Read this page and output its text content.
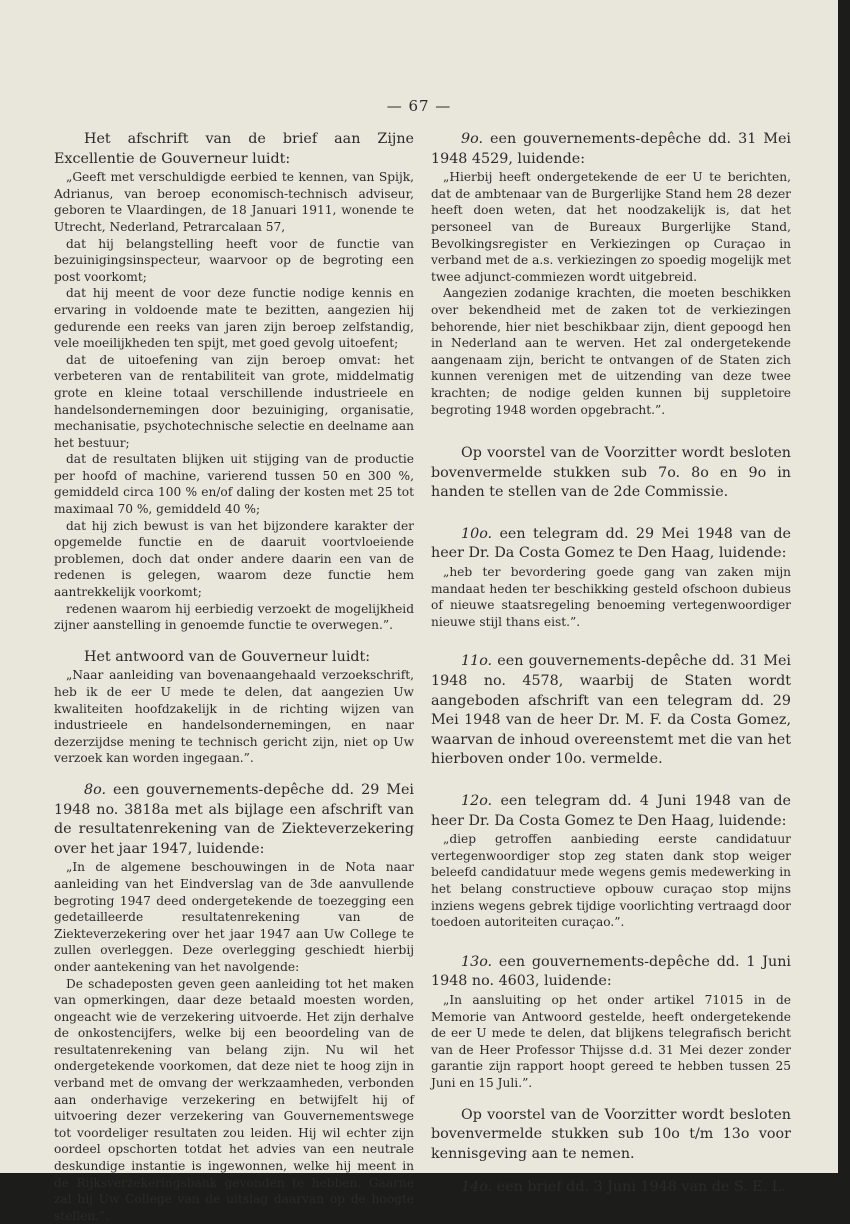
— 67 —

Het afschrift van de brief aan Zijne Excellentie de Gouverneur luidt:

„Geeft met verschuldigde eerbied te kennen, van Spijk, Adrianus, van beroep economisch-technisch adviseur, geboren te Vlaardingen, de 18 Januari 1911, wonende te Utrecht, Nederland, Petrarcalaan 57,

dat hij belangstelling heeft voor de functie van bezuinigingsinspecteur, waarvoor op de begroting een post voorkomt;

dat hij meent de voor deze functie nodige kennis en ervaring in voldoende mate te bezitten, aangezien hij gedurende een reeks van jaren zijn beroep zelfstandig, vele moeilijkheden ten spijt, met goed gevolg uitoefent;

dat de uitoefening van zijn beroep omvat: het verbeteren van de rentabiliteit van grote, middelmatig grote en kleine totaal verschillende industrieele en handelsondernemingen door bezuiniging, organisatie, mechanisatie, psychotechnische selectie en deelname aan het bestuur;

dat de resultaten blijken uit stijging van de productie per hoofd of machine, varierend tussen 50 en 300 %, gemiddeld circa 100 % en/of daling der kosten met 25 tot maximaal 70 %, gemiddeld 40 %;

dat hij zich bewust is van het bijzondere karakter der opgemelde functie en de daaruit voortvloeiende problemen, doch dat onder andere daarin een van de redenen is gelegen, waarom deze functie hem aantrekkelijk voorkomt;

redenen waarom hij eerbiedig verzoekt de mogelijkheid zijner aanstelling in genoemde functie te overwegen.”.

Het antwoord van de Gouverneur luidt:

„Naar aanleiding van bovenaangehaald verzoekschrift, heb ik de eer U mede te delen, dat aangezien Uw kwaliteiten hoofdzakelijk in de richting wijzen van industrieele en handelsondernemingen, en naar dezerzijdse mening te technisch gericht zijn, niet op Uw verzoek kan worden ingegaan.”.

8o. een gouvernements-depêche dd. 29 Mei 1948 no. 3818a met als bijlage een afschrift van de resultatenrekening van de Ziekteverzekering over het jaar 1947, luidende:

„In de algemene beschouwingen in de Nota naar aanleiding van het Eindverslag van de 3de aanvullende begroting 1947 deed ondergetekende de toezegging een gedetailleerde resultatenrekening van de Ziekteverzekering over het jaar 1947 aan Uw College te zullen overleggen. Deze overlegging geschiedt hierbij onder aantekening van het navolgende:

De schadeposten geven geen aanleiding tot het maken van opmerkingen, daar deze betaald moesten worden, ongeacht wie de verzekering uitvoerde. Het zijn derhalve de onkostencijfers, welke bij een beoordeling van de resultatenrekening van belang zijn. Nu wil het ondergetekende voorkomen, dat deze niet te hoog zijn in verband met de omvang der werkzaamheden, verbonden aan onderhavige verzekering en betwijfelt hij of uitvoering dezer verzekering van Gouvernementswege tot voordeliger resultaten zou leiden. Hij wil echter zijn oordeel opschorten totdat het advies van een neutrale deskundige instantie is ingewonnen, welke hij meent in de Rijksverzekeringsbank gevonden te hebben. Gaarne zal hij Uw College van de uitslag daarvan op de hoogte stellen.”.

9o. een gouvernements-depêche dd. 31 Mei 1948 4529, luidende:

„Hierbij heeft ondergetekende de eer U te berichten, dat de ambtenaar van de Burgerlijke Stand hem 28 dezer heeft doen weten, dat het noodzakelijk is, dat het personeel van de Bureaux Burgerlijke Stand, Bevolkingsregister en Verkiezingen op Curaçao in verband met de a.s. verkiezingen zo spoedig mogelijk met twee adjunct-commiezen wordt uitgebreid.

Aangezien zodanige krachten, die moeten beschikken over bekendheid met de zaken tot de verkiezingen behorende, hier niet beschikbaar zijn, dient gepoogd hen in Nederland aan te werven. Het zal ondergetekende aangenaam zijn, bericht te ontvangen of de Staten zich kunnen verenigen met de uitzending van deze twee krachten; de nodige gelden kunnen bij suppletoire begroting 1948 worden opgebracht.”.

Op voorstel van de Voorzitter wordt besloten bovenvermelde stukken sub 7o. 8o en 9o in handen te stellen van de 2de Commissie.

10o. een telegram dd. 29 Mei 1948 van de heer Dr. Da Costa Gomez te Den Haag, luidende:

„heb ter bevordering goede gang van zaken mijn mandaat heden ter beschikking gesteld ofschoon dubieus of nieuwe staatsregeling benoeming vertegenwoordiger nieuwe stijl thans eist.”.

11o. een gouvernements-depêche dd. 31 Mei 1948 no. 4578, waarbij de Staten wordt aangeboden afschrift van een telegram dd. 29 Mei 1948 van de heer Dr. M. F. da Costa Gomez, waarvan de inhoud overeenstemt met die van het hierboven onder 10o. vermelde.

12o. een telegram dd. 4 Juni 1948 van de heer Dr. Da Costa Gomez te Den Haag, luidende:

„diep getroffen aanbieding eerste candidatuur vertegenwoordiger stop zeg staten dank stop weiger beleefd candidatuur mede wegens gemis medewerking in het belang constructieve opbouw curaçao stop mijns inziens wegens gebrek tijdige voorlichting vertraagd door toedoen autoriteiten curaçao.”.

13o. een gouvernements-depêche dd. 1 Juni 1948 no. 4603, luidende:

„In aansluiting op het onder artikel 71015 in de Memorie van Antwoord gestelde, heeft ondergetekende de eer U mede te delen, dat blijkens telegrafisch bericht van de Heer Professor Thijsse d.d. 31 Mei dezer zonder garantie zijn rapport hoopt gereed te hebben tussen 25 Juni en 15 Juli.”.

Op voorstel van de Voorzitter wordt besloten bovenvermelde stukken sub 10o t/m 13o voor kennisgeving aan te nemen.

14o. een brief dd. 3 Juni 1948 van de S. E. L.
